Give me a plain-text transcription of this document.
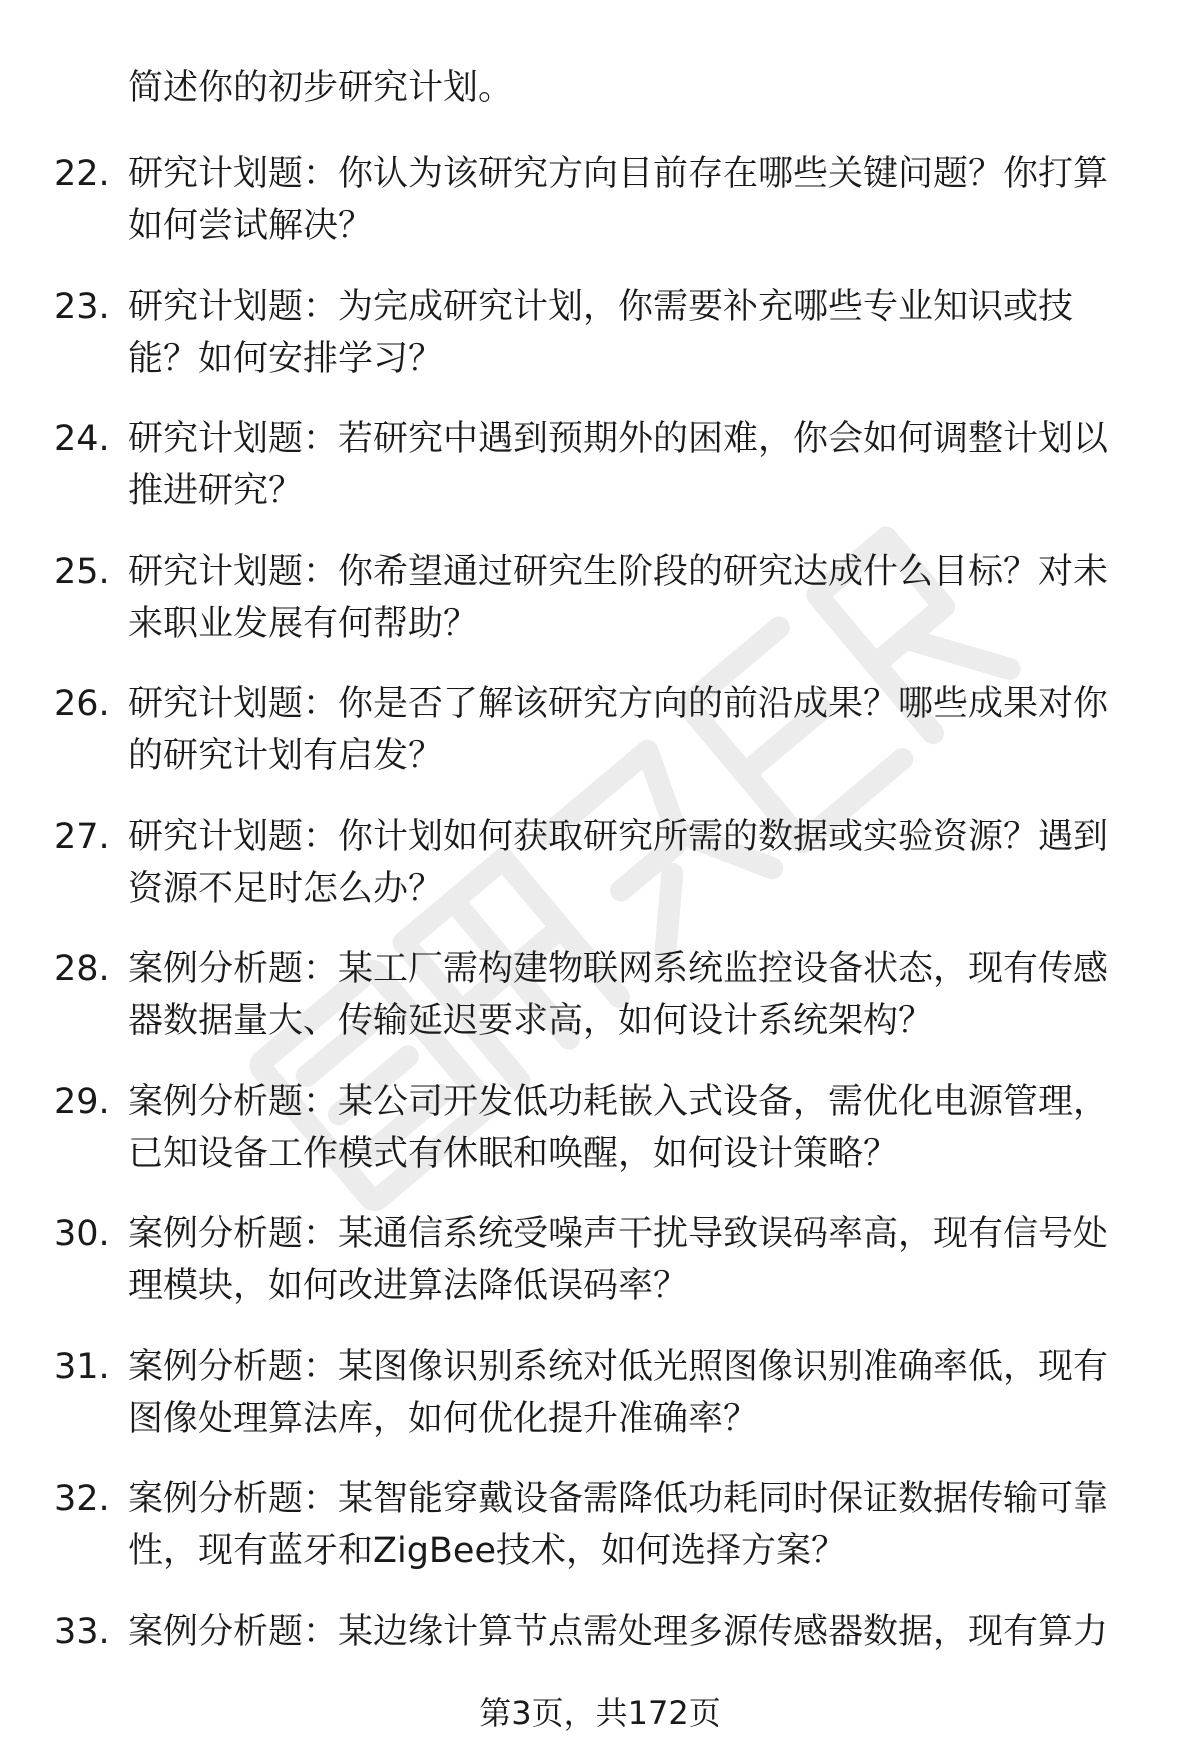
简述你的初步研究计划。

22. 研究计划题：你认为该研究方向目前存在哪些关键问题？你打算如何尝试解决？
23. 研究计划题：为完成研究计划，你需要补充哪些专业知识或技能？如何安排学习？
24. 研究计划题：若研究中遇到预期外的困难，你会如何调整计划以推进研究？
25. 研究计划题：你希望通过研究生阶段的研究达成什么目标？对未来职业发展有何帮助？
26. 研究计划题：你是否了解该研究方向的前沿成果？哪些成果对你的研究计划有启发？
27. 研究计划题：你计划如何获取研究所需的数据或实验资源？遇到资源不足时怎么办？
28. 案例分析题：某工厂需构建物联网系统监控设备状态，现有传感器数据量大、传输延迟要求高，如何设计系统架构？
29. 案例分析题：某公司开发低功耗嵌入式设备，需优化电源管理，已知设备工作模式有休眠和唤醒，如何设计策略？
30. 案例分析题：某通信系统受噪声干扰导致误码率高，现有信号处理模块，如何改进算法降低误码率？
31. 案例分析题：某图像识别系统对低光照图像识别准确率低，现有图像处理算法库，如何优化提升准确率？
32. 案例分析题：某智能穿戴设备需降低功耗同时保证数据传输可靠性，现有蓝牙和ZigBee技术，如何选择方案？
33. 案例分析题：某边缘计算节点需处理多源传感器数据，现有算力
第3页，共172页
